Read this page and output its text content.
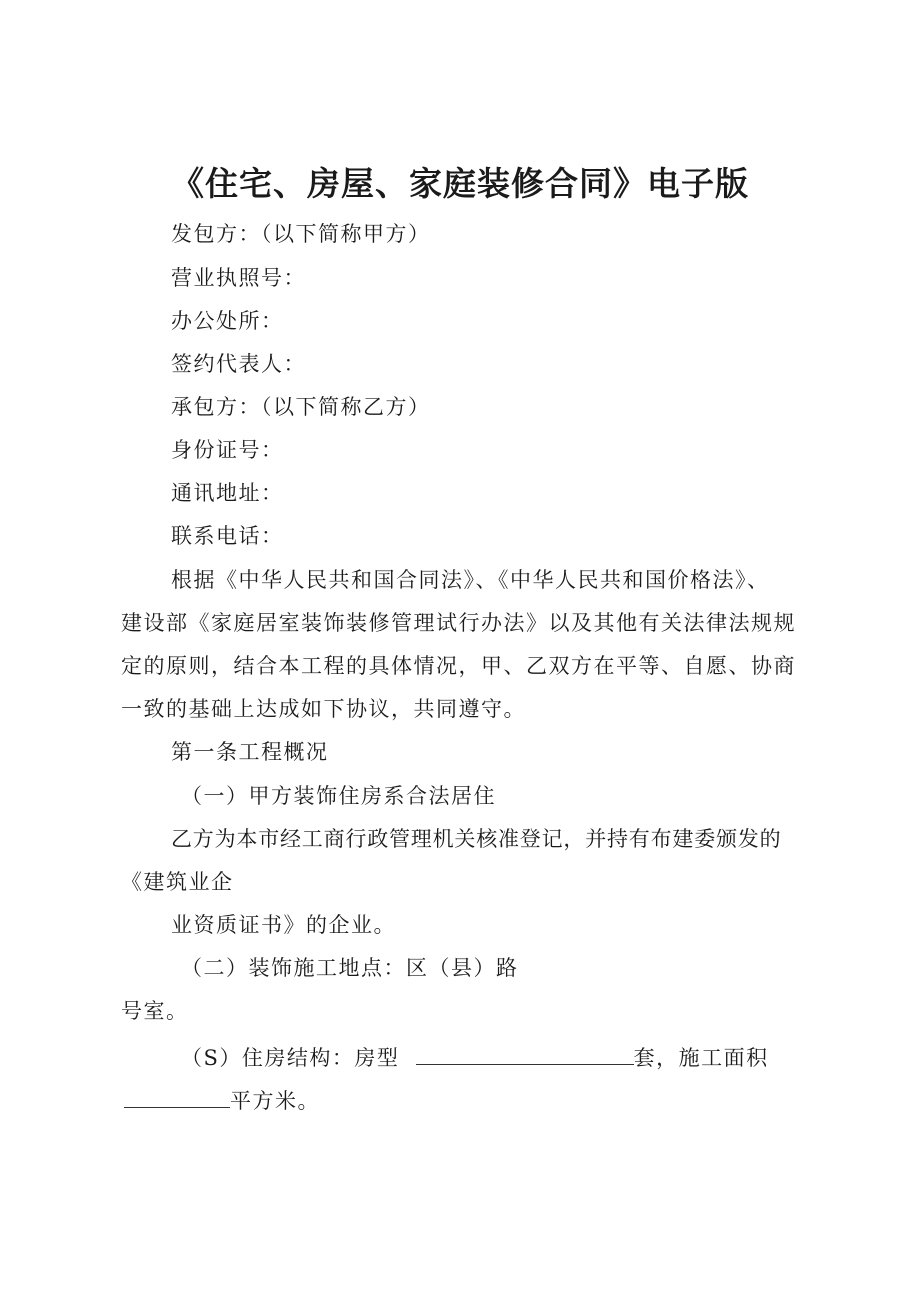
《住宅、房屋、家庭装修合同》电子版
发包方：（以下简称甲方）
营业执照号：
办公处所：
签约代表人：
承包方：（以下简称乙方）
身份证号：
通讯地址：
联系电话：
根据《中华人民共和国合同法》、《中华人民共和国价格法》、
建设部《家庭居室装饰装修管理试行办法》以及其他有关法律法规规
定的原则，结合本工程的具体情况，甲、乙双方在平等、自愿、协商
一致的基础上达成如下协议，共同遵守。
第一条工程概况
（一）甲方装饰住房系合法居住
乙方为本市经工商行政管理机关核准登记，并持有布建委颁发的
《建筑业企
业资质证书》的企业。
（二）装饰施工地点：区（县）路
号室。
（S）住房结构：房型	套，施工面积
平方米。
